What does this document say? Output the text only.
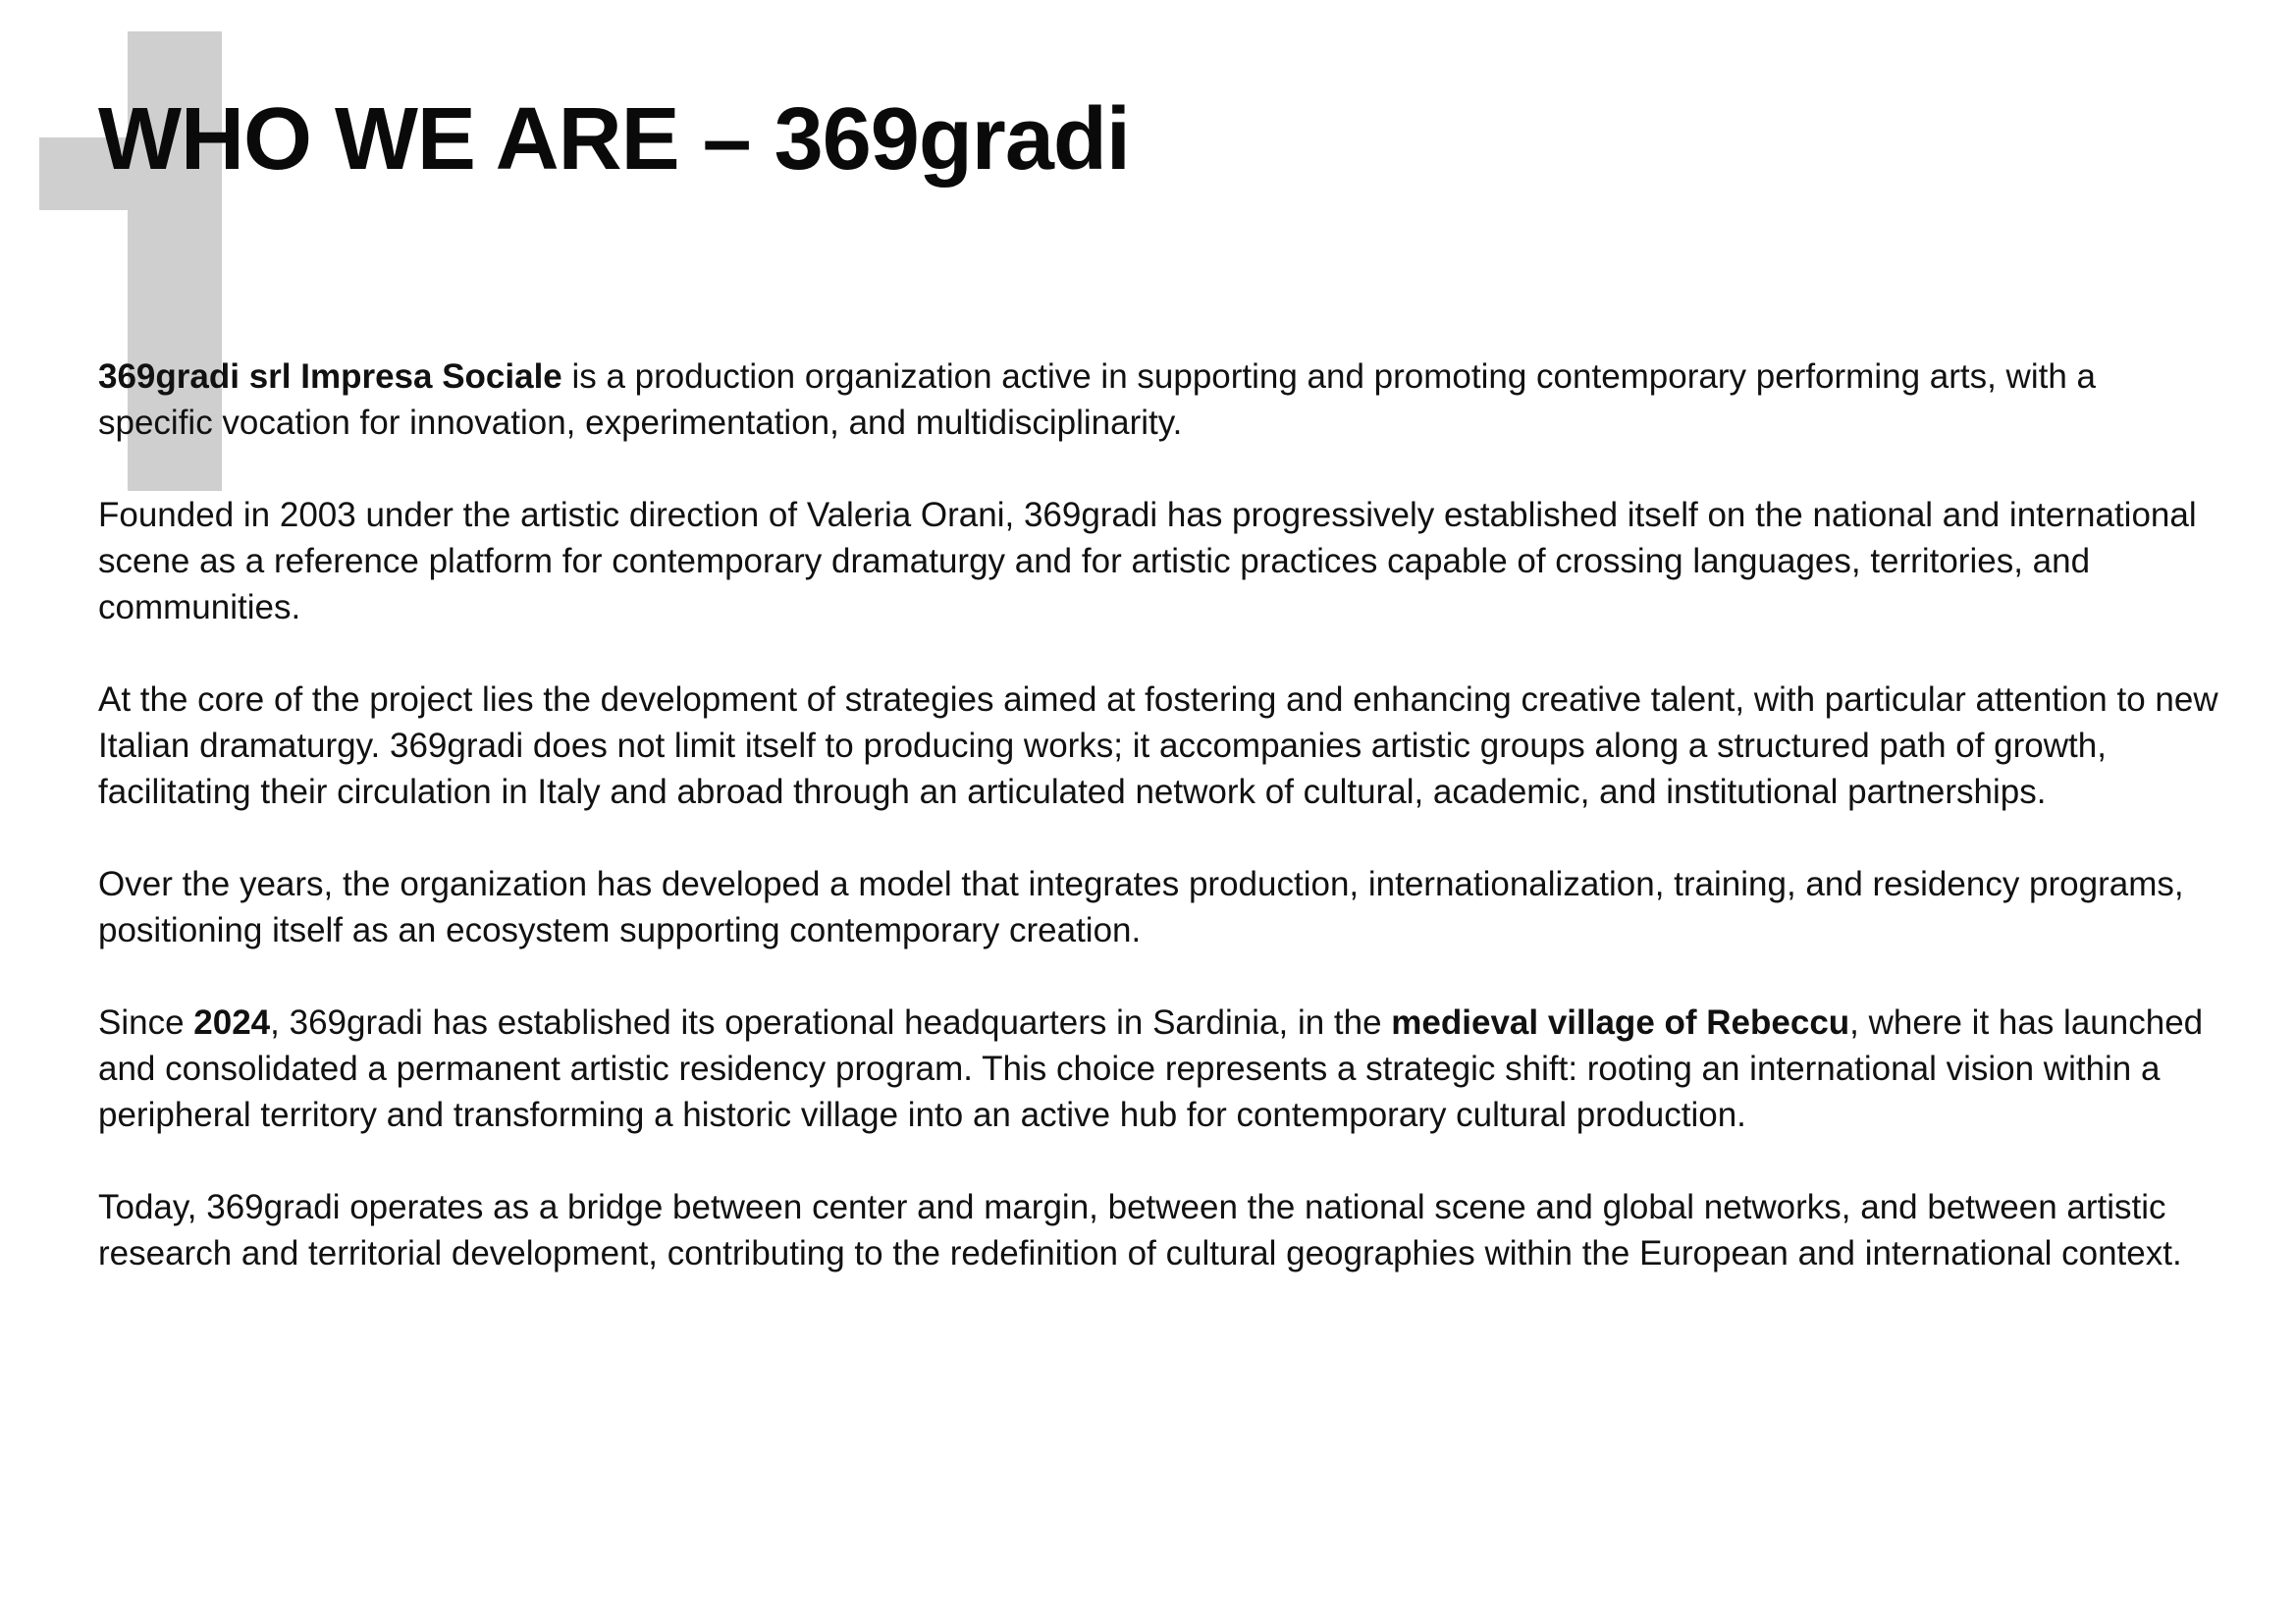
WHO WE ARE – 369gradi

369gradi srl Impresa Sociale is a production organization active in supporting and promoting contemporary performing arts, with a specific vocation for innovation, experimentation, and multidisciplinarity.

Founded in 2003 under the artistic direction of Valeria Orani, 369gradi has progressively established itself on the national and international scene as a reference platform for contemporary dramaturgy and for artistic practices capable of crossing languages, territories, and communities.

At the core of the project lies the development of strategies aimed at fostering and enhancing creative talent, with particular attention to new Italian dramaturgy. 369gradi does not limit itself to producing works; it accompanies artistic groups along a structured path of growth, facilitating their circulation in Italy and abroad through an articulated network of cultural, academic, and institutional partnerships.

Over the years, the organization has developed a model that integrates production, internationalization, training, and residency programs, positioning itself as an ecosystem supporting contemporary creation.

Since 2024, 369gradi has established its operational headquarters in Sardinia, in the medieval village of Rebeccu, where it has launched and consolidated a permanent artistic residency program. This choice represents a strategic shift: rooting an international vision within a peripheral territory and transforming a historic village into an active hub for contemporary cultural production.

Today, 369gradi operates as a bridge between center and margin, between the national scene and global networks, and between artistic research and territorial development, contributing to the redefinition of cultural geographies within the European and international context.
